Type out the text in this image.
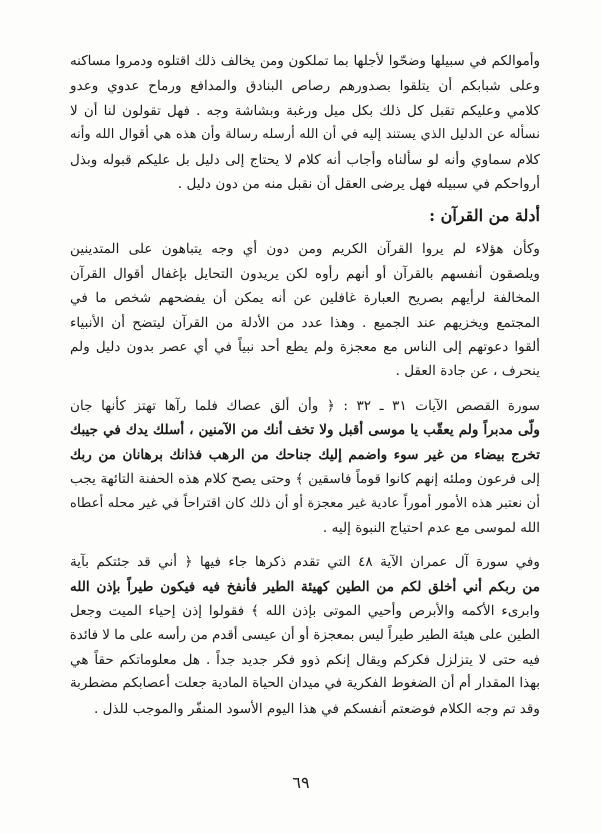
وأموالكم في سبيلها وضحّوا لأجلها بما تملكون ومن يخالف ذلك اقتلوه ودمروا مساكنه
وعلى شبابكم أن يتلقوا بصدورهم رصاص البنادق والمدافع ورماح عدوي وعدو
كلامي وعليكم تقبل كل ذلك بكل ميل ورغبة وبشاشة وجه . فهل تقولون لنا أن لا
نسأله عن الدليل الذي يستند إليه في أن الله أرسله رسالة وأن هذه هي أقوال الله وأنه
كلام سماوي وأنه لو سألناه وأجاب أنه كلام لا يحتاج إلى دليل بل عليكم قبوله وبذل
أرواحكم في سبيله فهل يرضى العقل أن نقبل منه من دون دليل .

أدلة من القرآن :

وكأن هؤلاء لم يروا القرآن الكريم ومن دون أي وجه يتباهون على المتدينين
ويلصقون أنفسهم بالقرآن أو أنهم رأوه لكن يريدون التحايل بإغفال أقوال القرآن
المخالفة لرأيهم بصريح العبارة غافلين عن أنه يمكن أن يفضحهم شخص ما في
المجتمع ويخزيهم عند الجميع . وهذا عدد من الأدلة من القرآن ليتضح أن الأنبياء
ألقوا دعوتهم إلى الناس مع معجزة ولم يطع أحد نبياً في أي عصر بدون دليل ولم
ينحرف ، عن جادة العقل .

سورة القصص الآيات ٣١ ـ ٣٢ : ﴿ وأن ألق عصاك فلما رآها تهتز كأنها جان
ولّى مدبراً ولم يعقّب يا موسى أقبل ولا تخف أنك من الآمنين ، أسلك يدك في جيبك
تخرج بيضاء من غير سوء واضمم إليك جناحك من الرهب فذانك برهانان من ربك
إلى فرعون وملئه إنهم كانوا قوماً فاسقين ﴾ وحتى يصح كلام هذه الحفنة التائهة يجب
أن نعتبر هذه الأمور أموراً عادية غير معجزة أو أن ذلك كان اقتراحاً في غير محله أعطاه
الله لموسى مع عدم احتياج النبوة إليه .

وفي سورة آل عمران الآية ٤٨ التي تقدم ذكرها جاء فيها ﴿ أني قد جئتكم بآية
من ربكم أني أخلق لكم من الطين كهيئة الطير فأنفخ فيه فيكون طيراً بإذن الله
وابرىء الأكمه والأبرص وأحيي الموتى بإذن الله ﴾ فقولوا إذن إحياء الميت وجعل
الطين على هيئة الطير طيراً ليس بمعجزة أو أن عيسى أقدم من رأسه على ما لا فائدة
فيه حتى لا يتزلزل فكركم ويقال إنكم ذوو فكر جديد جداً . هل معلوماتكم حقاً هي
بهذا المقدار أم أن الضغوط الفكرية في ميدان الحياة المادية جعلت أعصابكم مضطربة
وقد تم وجه الكلام فوضعتم أنفسكم في هذا اليوم الأسود المنفّر والموجب للذل .

٦٩
